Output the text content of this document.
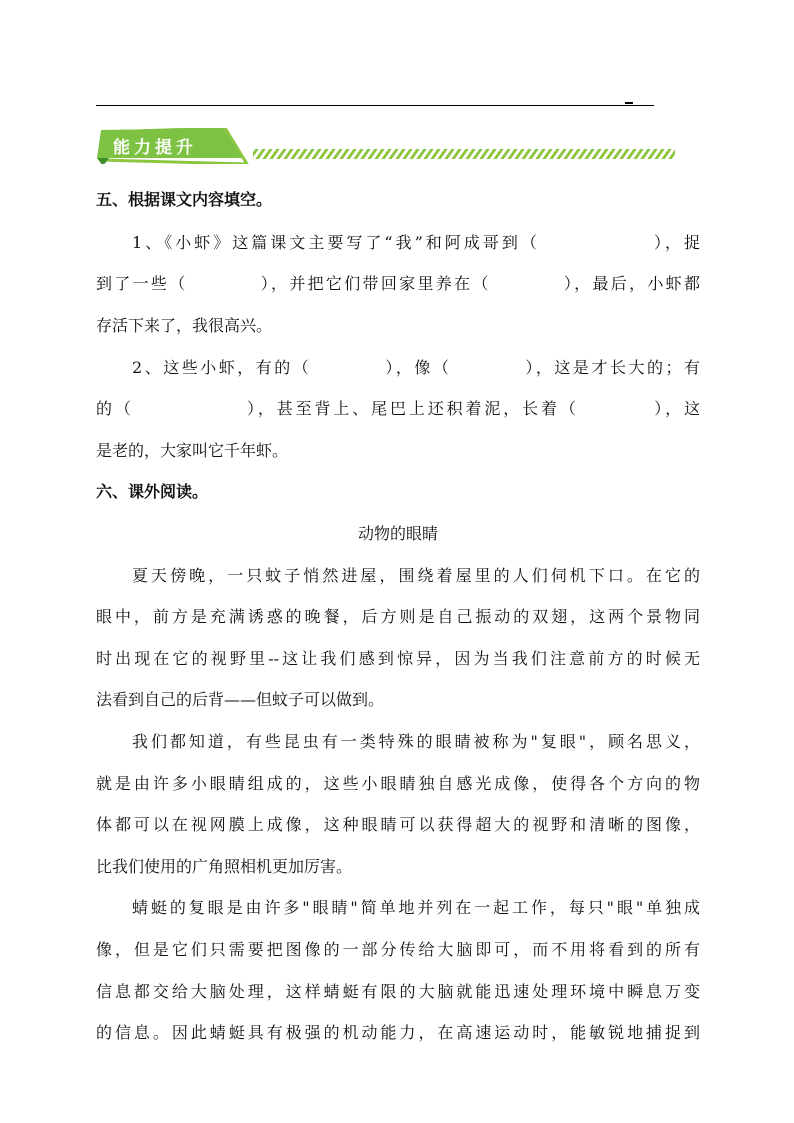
能力提升
五、根据课文内容填空。
1、《小虾》这篇课文主要写了“我”和阿成哥到（　　　　　　），捉
到了一些（　　　　），并把它们带回家里养在（　　　　），最后，小虾都
存活下来了，我很高兴。
2、这些小虾，有的（　　　　），像（　　　　），这是才长大的；有
的（　　　　　　），甚至背上、尾巴上还积着泥，长着（　　　　），这
是老的，大家叫它千年虾。
六、课外阅读。
动物的眼睛
夏天傍晚，一只蚊子悄然进屋，围绕着屋里的人们伺机下口。在它的
眼中，前方是充满诱惑的晚餐，后方则是自己振动的双翅，这两个景物同
时出现在它的视野里--这让我们感到惊异，因为当我们注意前方的时候无
法看到自己的后背——但蚊子可以做到。
我们都知道，有些昆虫有一类特殊的眼睛被称为"复眼"，顾名思义，
就是由许多小眼睛组成的，这些小眼睛独自感光成像，使得各个方向的物
体都可以在视网膜上成像，这种眼睛可以获得超大的视野和清晰的图像，
比我们使用的广角照相机更加厉害。
蜻蜓的复眼是由许多"眼睛"简单地并列在一起工作，每只"眼"单独成
像，但是它们只需要把图像的一部分传给大脑即可，而不用将看到的所有
信息都交给大脑处理，这样蜻蜓有限的大脑就能迅速处理环境中瞬息万变
的信息。因此蜻蜓具有极强的机动能力，在高速运动时，能敏锐地捕捉到
